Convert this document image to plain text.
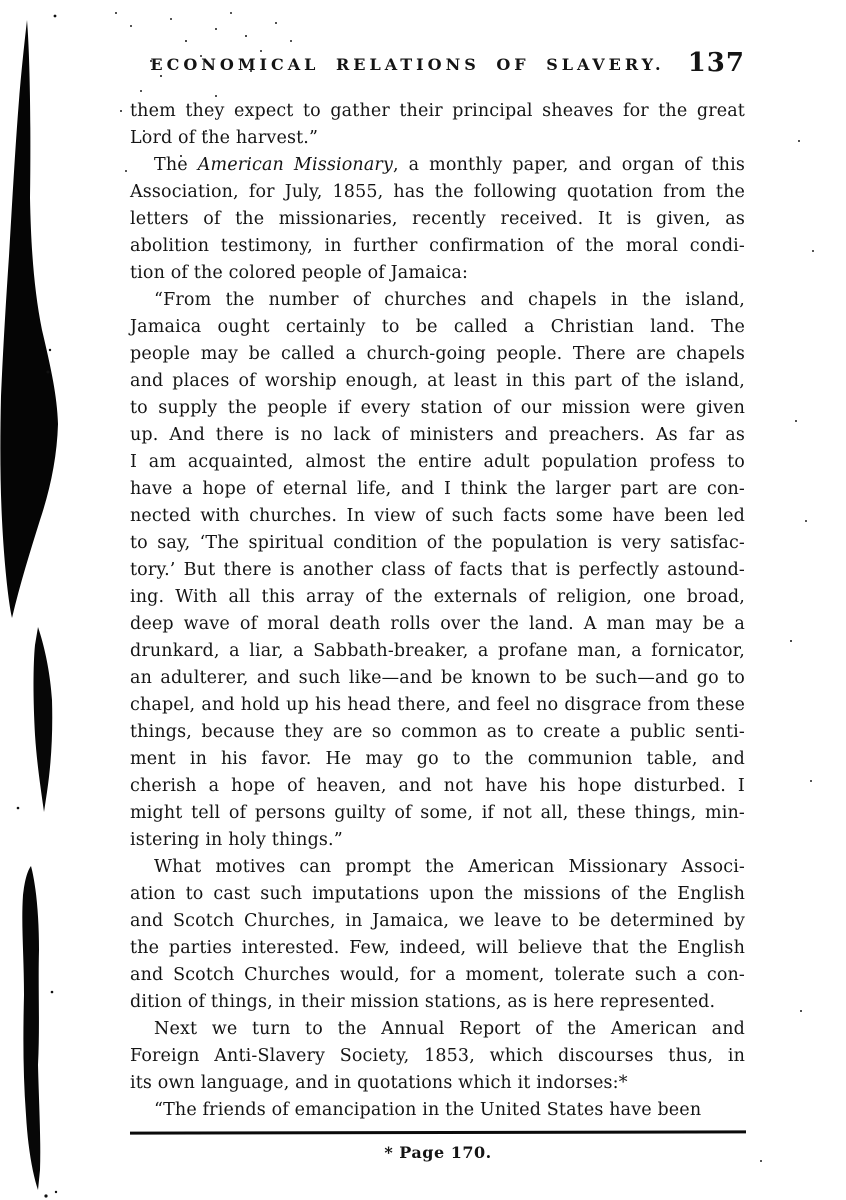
ECONOMICAL RELATIONS OF SLAVERY. 137
them they expect to gather their principal sheaves for the great
Lord of the harvest.”
The American Missionary, a monthly paper, and organ of this
Association, for July, 1855, has the following quotation from the
letters of the missionaries, recently received. It is given, as
abolition testimony, in further confirmation of the moral condi-
tion of the colored people of Jamaica:
“From the number of churches and chapels in the island,
Jamaica ought certainly to be called a Christian land. The
people may be called a church-going people. There are chapels
and places of worship enough, at least in this part of the island,
to supply the people if every station of our mission were given
up. And there is no lack of ministers and preachers. As far as
I am acquainted, almost the entire adult population profess to
have a hope of eternal life, and I think the larger part are con-
nected with churches. In view of such facts some have been led
to say, ‘The spiritual condition of the population is very satisfac-
tory.’ But there is another class of facts that is perfectly astound-
ing. With all this array of the externals of religion, one broad,
deep wave of moral death rolls over the land. A man may be a
drunkard, a liar, a Sabbath-breaker, a profane man, a fornicator,
an adulterer, and such like—and be known to be such—and go to
chapel, and hold up his head there, and feel no disgrace from these
things, because they are so common as to create a public senti-
ment in his favor. He may go to the communion table, and
cherish a hope of heaven, and not have his hope disturbed. I
might tell of persons guilty of some, if not all, these things, min-
istering in holy things.”
What motives can prompt the American Missionary Associ-
ation to cast such imputations upon the missions of the English
and Scotch Churches, in Jamaica, we leave to be determined by
the parties interested. Few, indeed, will believe that the English
and Scotch Churches would, for a moment, tolerate such a con-
dition of things, in their mission stations, as is here represented.
Next we turn to the Annual Report of the American and
Foreign Anti-Slavery Society, 1853, which discourses thus, in
its own language, and in quotations which it indorses:*
“The friends of emancipation in the United States have been
* Page 170.
